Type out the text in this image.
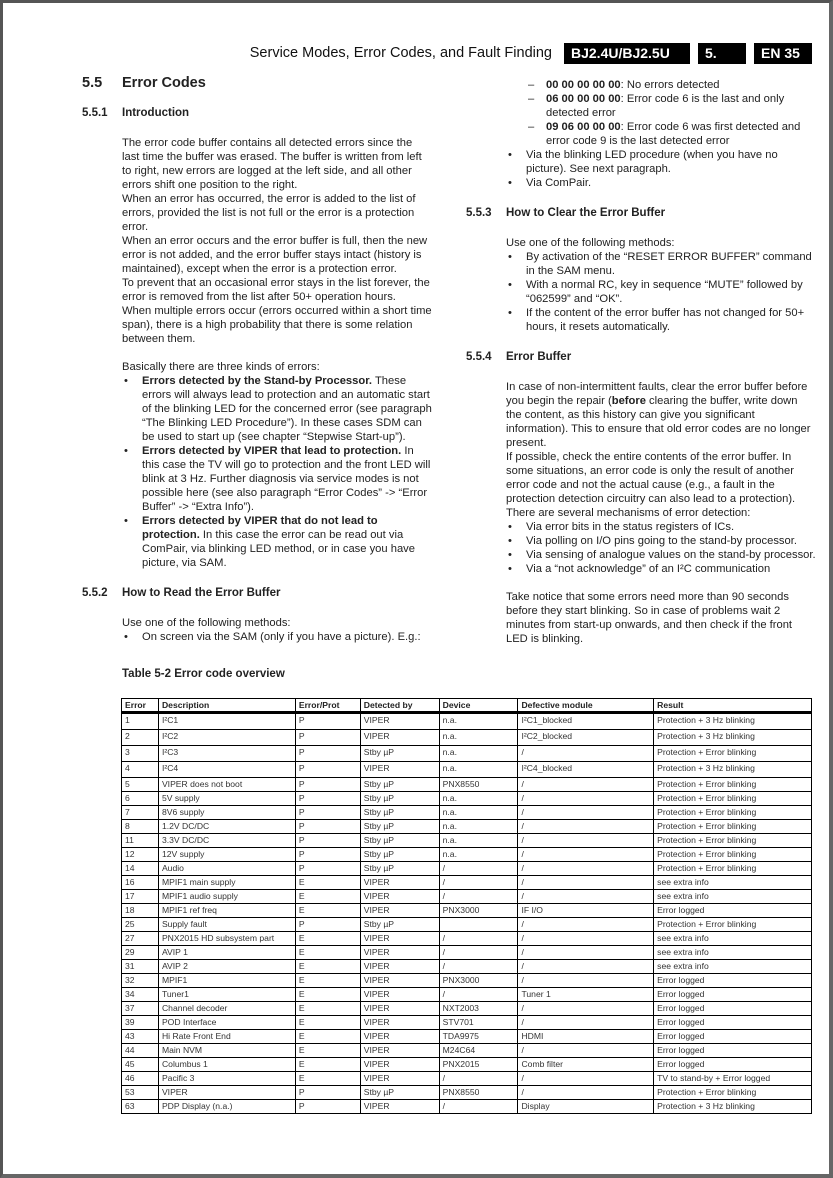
Service Modes, Error Codes, and Fault Finding	BJ2.4U/BJ2.5U PA
5.	EN 35
5.5	Error Codes
5.5.1	Introduction

The error code buffer contains all detected errors since the last time the buffer was erased. The buffer is written from left to right, new errors are logged at the left side, and all other errors shift one position to the right.

When an error has occurred, the error is added to the list of errors, provided the list is not full or the error is a protection error.

When an error occurs and the error buffer is full, then the new error is not added, and the error buffer stays intact (history is maintained), except when the error is a protection error.

To prevent that an occasional error stays in the list forever, the error is removed from the list after 50+ operation hours.

When multiple errors occur (errors occurred within a short time span), there is a high probability that there is some relation between them.

Basically there are three kinds of errors:

• Errors detected by the Stand-by Processor. These errors will always lead to protection and an automatic start of the blinking LED for the concerned error (see paragraph “The Blinking LED Procedure”). In these cases SDM can be used to start up (see chapter “Stepwise Start-up”).
• Errors detected by VIPER that lead to protection. In this case the TV will go to protection and the front LED will blink at 3 Hz. Further diagnosis via service modes is not possible here (see also paragraph “Error Codes” -> “Error Buffer” -> “Extra Info”).
• Errors detected by VIPER that do not lead to protection. In this case the error can be read out via ComPair, via blinking LED method, or in case you have picture, via SAM.
5.5.2	How to Read the Error Buffer

Use one of the following methods:

• On screen via the SAM (only if you have a picture). E.g.:
– 00 00 00 00 00: No errors detected
– 06 00 00 00 00: Error code 6 is the last and only detected error
– 09 06 00 00 00: Error code 6 was first detected and error code 9 is the last detected error
• Via the blinking LED procedure (when you have no picture). See next paragraph.
• Via ComPair.
5.5.3	How to Clear the Error Buffer

Use one of the following methods:

• By activation of the “RESET ERROR BUFFER” command in the SAM menu.
• With a normal RC, key in sequence “MUTE” followed by “062599” and “OK”.
• If the content of the error buffer has not changed for 50+ hours, it resets automatically.
5.5.4	Error Buffer

In case of non-intermittent faults, clear the error buffer before you begin the repair (before clearing the buffer, write down the content, as this history can give you significant information). This to ensure that old error codes are no longer present.

If possible, check the entire contents of the error buffer. In some situations, an error code is only the result of another error code and not the actual cause (e.g., a fault in the protection detection circuitry can also lead to a protection).

There are several mechanisms of error detection:

• Via error bits in the status registers of ICs.
• Via polling on I/O pins going to the stand-by processor.
• Via sensing of analogue values on the stand-by processor.
• Via a “not acknowledge” of an I²C communication

Take notice that some errors need more than 90 seconds before they start blinking. So in case of problems wait 2 minutes from start-up onwards, and then check if the front LED is blinking.

Table 5-2 Error code overview
Error	Description	Error/Prot	Detected by	Device	Defective module	Result
1	I²C1	P	VIPER	n.a.	I²C1_blocked	Protection + 3 Hz blinking
2	I²C2	P	VIPER	n.a.	I²C2_blocked	Protection + 3 Hz blinking
3	I²C3	P	Stby µP	n.a.	/	Protection + Error blinking
4	I²C4	P	VIPER	n.a.	I²C4_blocked	Protection + 3 Hz blinking
5	VIPER does not boot	P	Stby µP	PNX8550	/	Protection + Error blinking
6	5V supply	P	Stby µP	n.a.	/	Protection + Error blinking
7	8V6 supply	P	Stby µP	n.a.	/	Protection + Error blinking
8	1.2V DC/DC	P	Stby µP	n.a.	/	Protection + Error blinking
11	3.3V DC/DC	P	Stby µP	n.a.	/	Protection + Error blinking
12	12V supply	P	Stby µP	n.a.	/	Protection + Error blinking
14	Audio	P	Stby µP	/	/	Protection + Error blinking
16	MPIF1 main supply	E	VIPER	/	/	see extra info
17	MPIF1 audio supply	E	VIPER	/	/	see extra info
18	MPIF1 ref freq	E	VIPER	PNX3000	IF I/O	Error logged
25	Supply fault	P	Stby µP		/	Protection + Error blinking
27	PNX2015 HD subsystem part	E	VIPER	/	/	see extra info
29	AVIP 1	E	VIPER	/	/	see extra info
31	AVIP 2	E	VIPER	/	/	see extra info
32	MPIF1	E	VIPER	PNX3000	/	Error logged
34	Tuner1	E	VIPER	/	Tuner 1	Error logged
37	Channel decoder	E	VIPER	NXT2003	/	Error logged
39	POD Interface	E	VIPER	STV701	/	Error logged
43	Hi Rate Front End	E	VIPER	TDA9975	HDMI	Error logged
44	Main NVM	E	VIPER	M24C64	/	Error logged
45	Columbus 1	E	VIPER	PNX2015	Comb filter	Error logged
46	Pacific 3	E	VIPER	/	/	TV to stand-by + Error logged
53	VIPER	P	Stby µP	PNX8550	/	Protection + Error blinking
63	PDP Display (n.a.)	P	VIPER	/	Display	Protection + 3 Hz blinking
